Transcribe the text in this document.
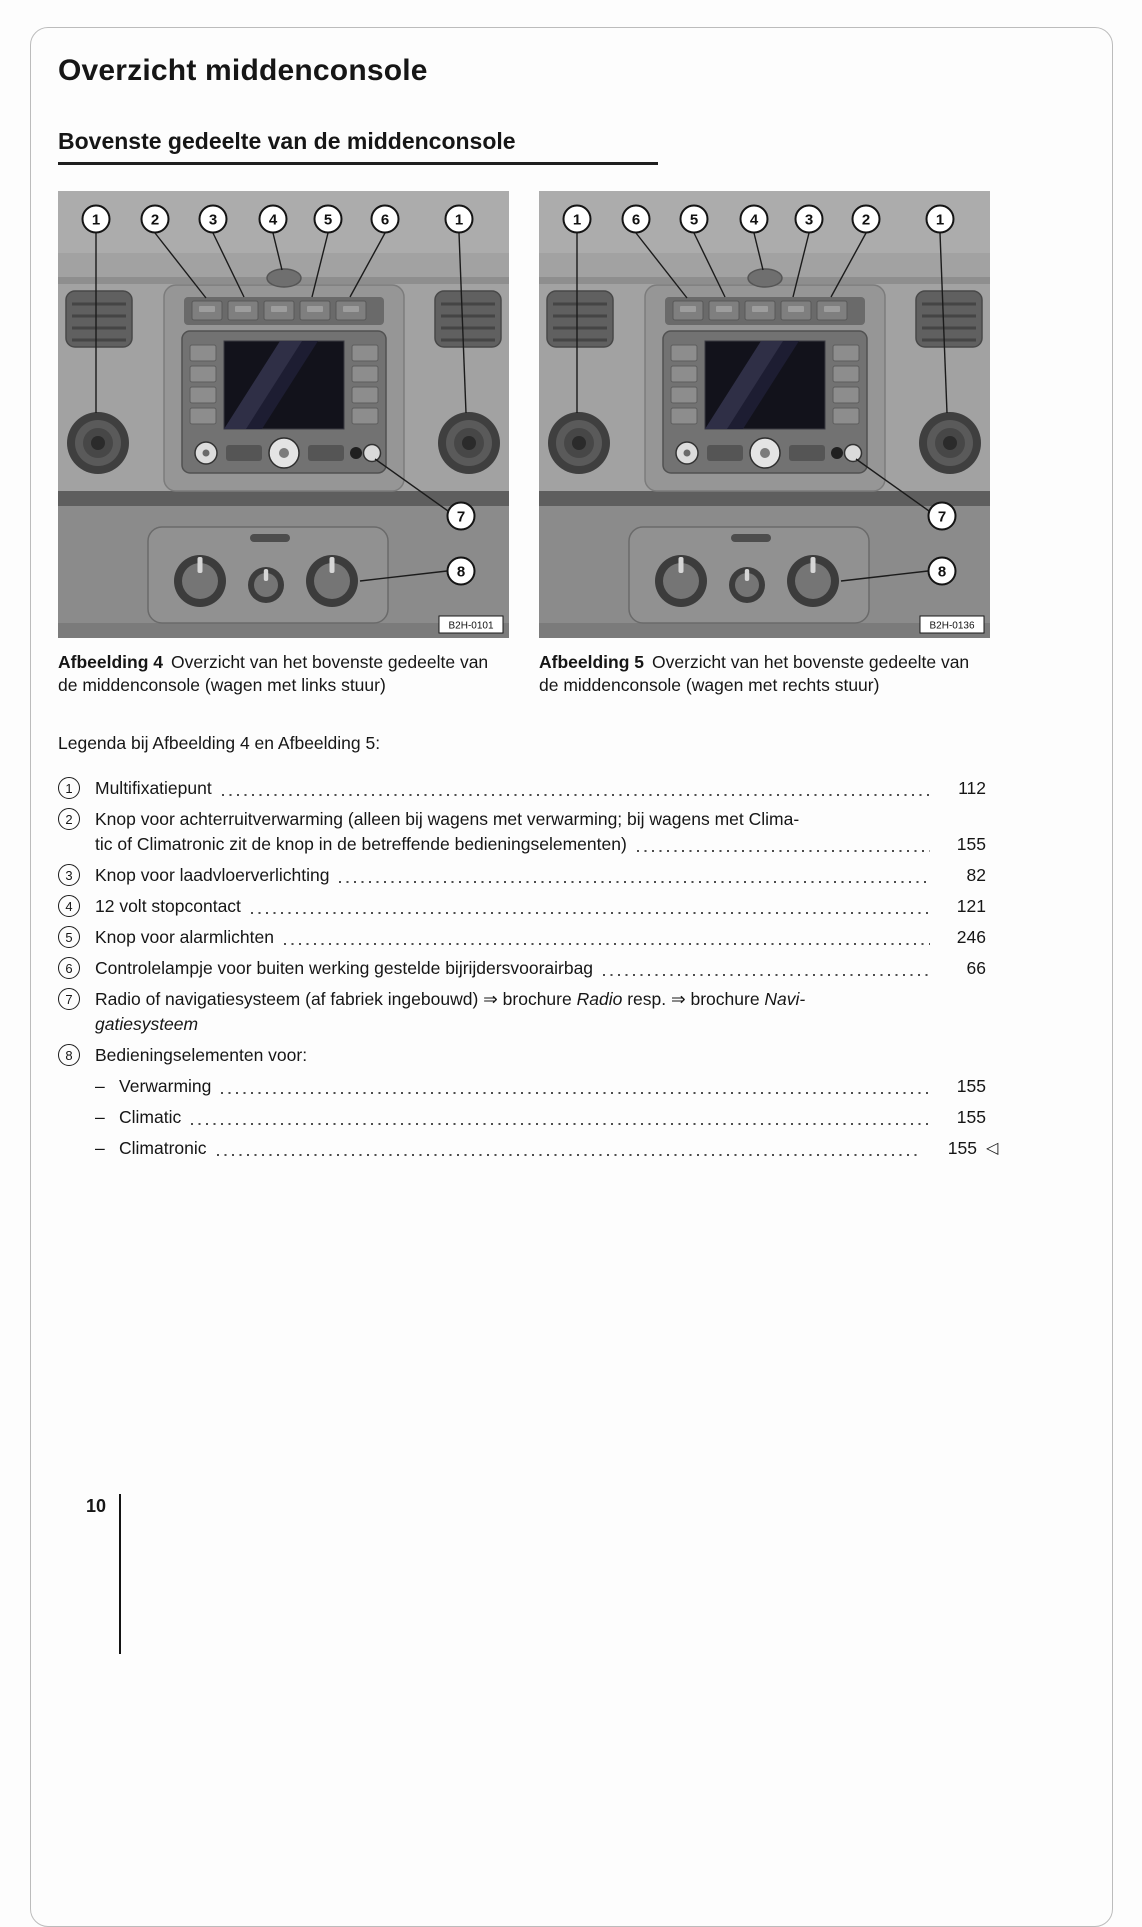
Overzicht middenconsole
Bovenste gedeelte van de middenconsole
1	2	3	4	5	6	1
7
8
B2H-0101

Afbeelding 4 Overzicht van het bovenste gedeelte van de middenconsole (wagen met links stuur)

1	6	5	4	3	2	1
7
8
B2H-0136

Afbeelding 5 Overzicht van het bovenste gedeelte van de middenconsole (wagen met rechts stuur)

Legenda bij Afbeelding 4 en Afbeelding 5:

1	Multifixatiepunt	112
2	Knop voor achterruitverwarming (alleen bij wagens met verwarming; bij wagens met Clima-
tic of Climatronic zit de knop in de betreffende bedieningselementen)	155
3	Knop voor laadvloerverlichting	82
4	12 volt stopcontact	121
5	Knop voor alarmlichten	246
6	Controlelampje voor buiten werking gestelde bijrijdersvoorairbag	66
7	Radio of navigatiesysteem (af fabriek ingebouwd) ⇒ brochure Radio resp. ⇒ brochure Navi-
gatiesysteem
8	Bedieningselementen voor:
– Verwarming	155
– Climatic	155
– Climatronic	155 ◁
10
